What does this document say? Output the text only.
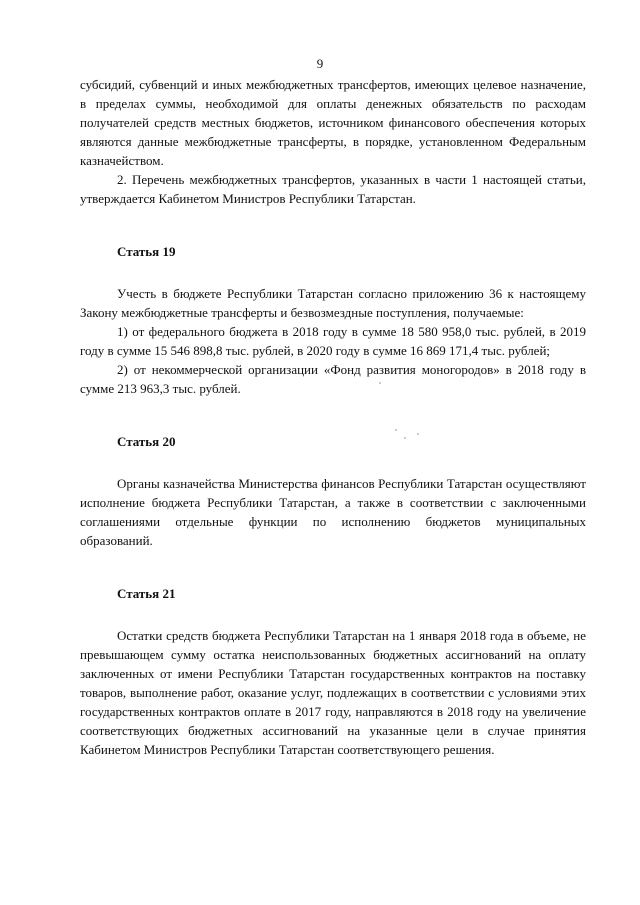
9

субсидий, субвенций и иных межбюджетных трансфертов, имеющих целевое назначение, в пределах суммы, необходимой для оплаты денежных обязательств по расходам получателей средств местных бюджетов, источником финансового обеспечения которых являются данные межбюджетные трансферты, в порядке, установленном Федеральным казначейством.

2. Перечень межбюджетных трансфертов, указанных в части 1 настоящей статьи, утверждается Кабинетом Министров Республики Татарстан.

Статья 19

Учесть в бюджете Республики Татарстан согласно приложению 36 к настоящему Закону межбюджетные трансферты и безвозмездные поступления, получаемые:

1) от федерального бюджета в 2018 году в сумме 18 580 958,0 тыс. рублей, в 2019 году в сумме 15 546 898,8 тыс. рублей, в 2020 году в сумме 16 869 171,4 тыс. рублей;

2) от некоммерческой организации «Фонд развития моногородов» в 2018 году в сумме 213 963,3 тыс. рублей.

Статья 20

Органы казначейства Министерства финансов Республики Татарстан осуществляют исполнение бюджета Республики Татарстан, а также в соответствии с заключенными соглашениями отдельные функции по исполнению бюджетов муниципальных образований.

Статья 21

Остатки средств бюджета Республики Татарстан на 1 января 2018 года в объеме, не превышающем сумму остатка неиспользованных бюджетных ассигнований на оплату заключенных от имени Республики Татарстан государственных контрактов на поставку товаров, выполнение работ, оказание услуг, подлежащих в соответствии с условиями этих государственных контрактов оплате в 2017 году, направляются в 2018 году на увеличение соответствующих бюджетных ассигнований на указанные цели в случае принятия Кабинетом Министров Республики Татарстан соответствующего решения.
